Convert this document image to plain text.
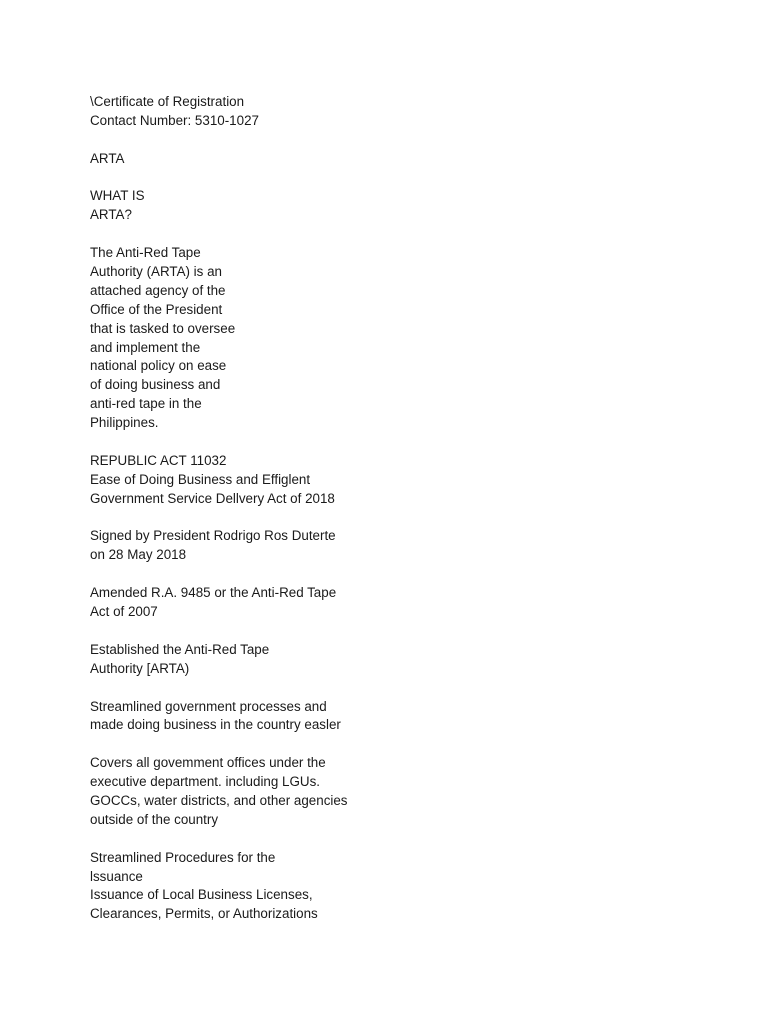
\Certificate of Registration
Contact Number: 5310-1027
ARTA
WHAT IS
ARTA?
The Anti-Red Tape
Authority (ARTA) is an
attached agency of the
Office of the President
that is tasked to oversee
and implement the
national policy on ease
of doing business and
anti-red tape in the
Philippines.
REPUBLIC ACT 11032
Ease of Doing Business and Effiglent
Government Service Dellvery Act of 2018
Signed by President Rodrigo Ros Duterte
on 28 May 2018
Amended R.A. 9485 or the Anti-Red Tape
Act of 2007
Established the Anti-Red Tape
Authority [ARTA)
Streamlined government processes and
made doing business in the country easler
Covers all govemment offices under the
executive department. including LGUs.
GOCCs, water districts, and other agencies
outside of the country
Streamlined Procedures for the
lssuance
Issuance of Local Business Licenses,
Clearances, Permits, or Authorizations
